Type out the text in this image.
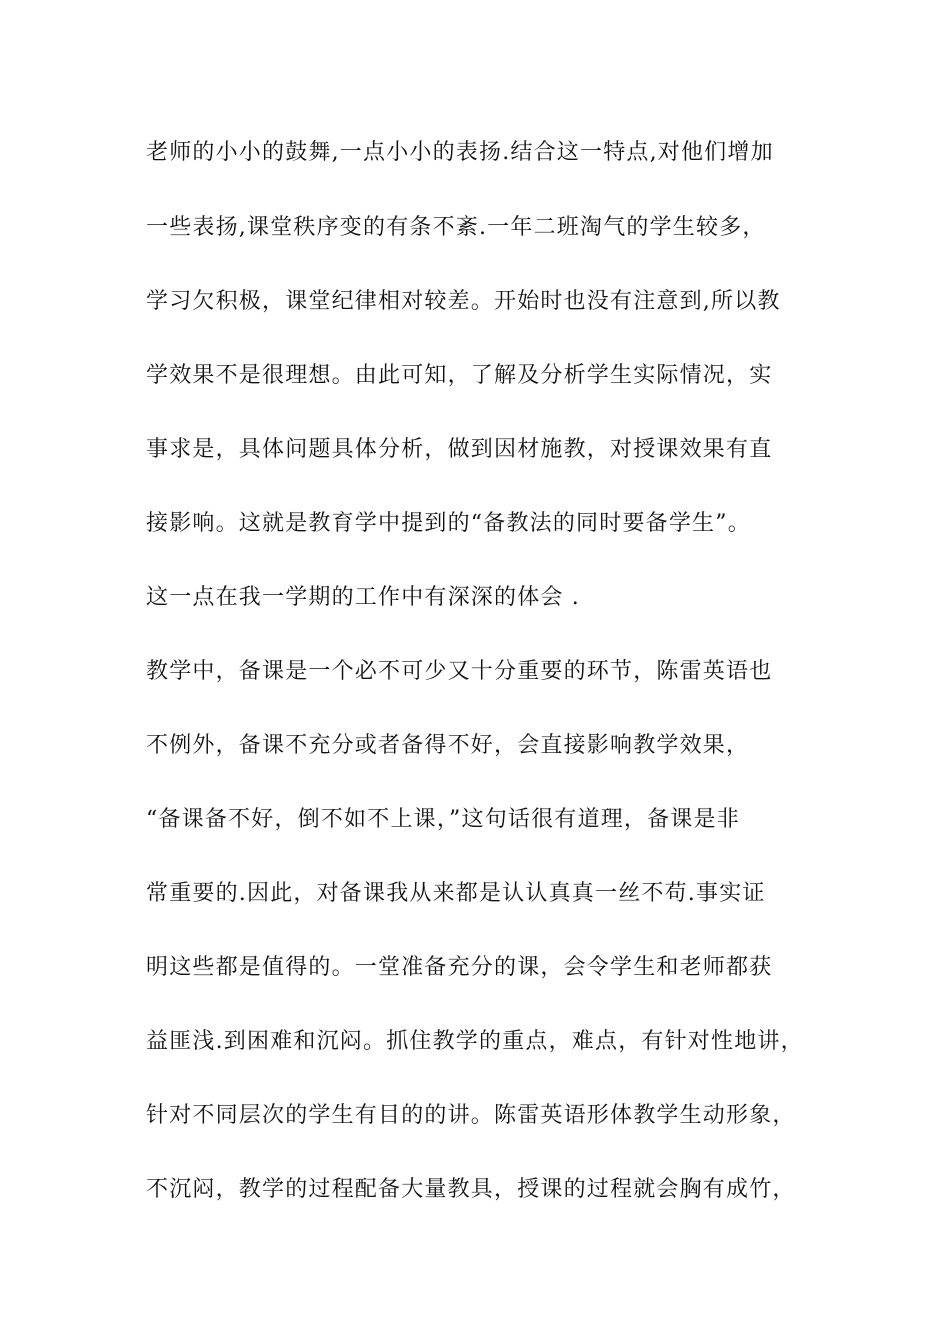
老师的小小的鼓舞,一点小小的表扬.结合这一特点,对他们增加
一些表扬,课堂秩序变的有条不紊.一年二班淘气的学生较多，
学习欠积极，课堂纪律相对较差。开始时也没有注意到,所以教
学效果不是很理想。由此可知，了解及分析学生实际情况，实
事求是，具体问题具体分析，做到因材施教，对授课效果有直
接影响。这就是教育学中提到的“备教法的同时要备学生”。
这一点在我一学期的工作中有深深的体会 .
教学中，备课是一个必不可少又十分重要的环节，陈雷英语也
不例外，备课不充分或者备得不好，会直接影响教学效果，
“备课备不好，倒不如不上课，”这句话很有道理，备课是非
常重要的.因此，对备课我从来都是认认真真一丝不苟.事实证
明这些都是值得的。一堂准备充分的课，会令学生和老师都获
益匪浅.到困难和沉闷。抓住教学的重点，难点，有针对性地讲，
针对不同层次的学生有目的的讲。陈雷英语形体教学生动形象，
不沉闷，教学的过程配备大量教具，授课的过程就会胸有成竹，
